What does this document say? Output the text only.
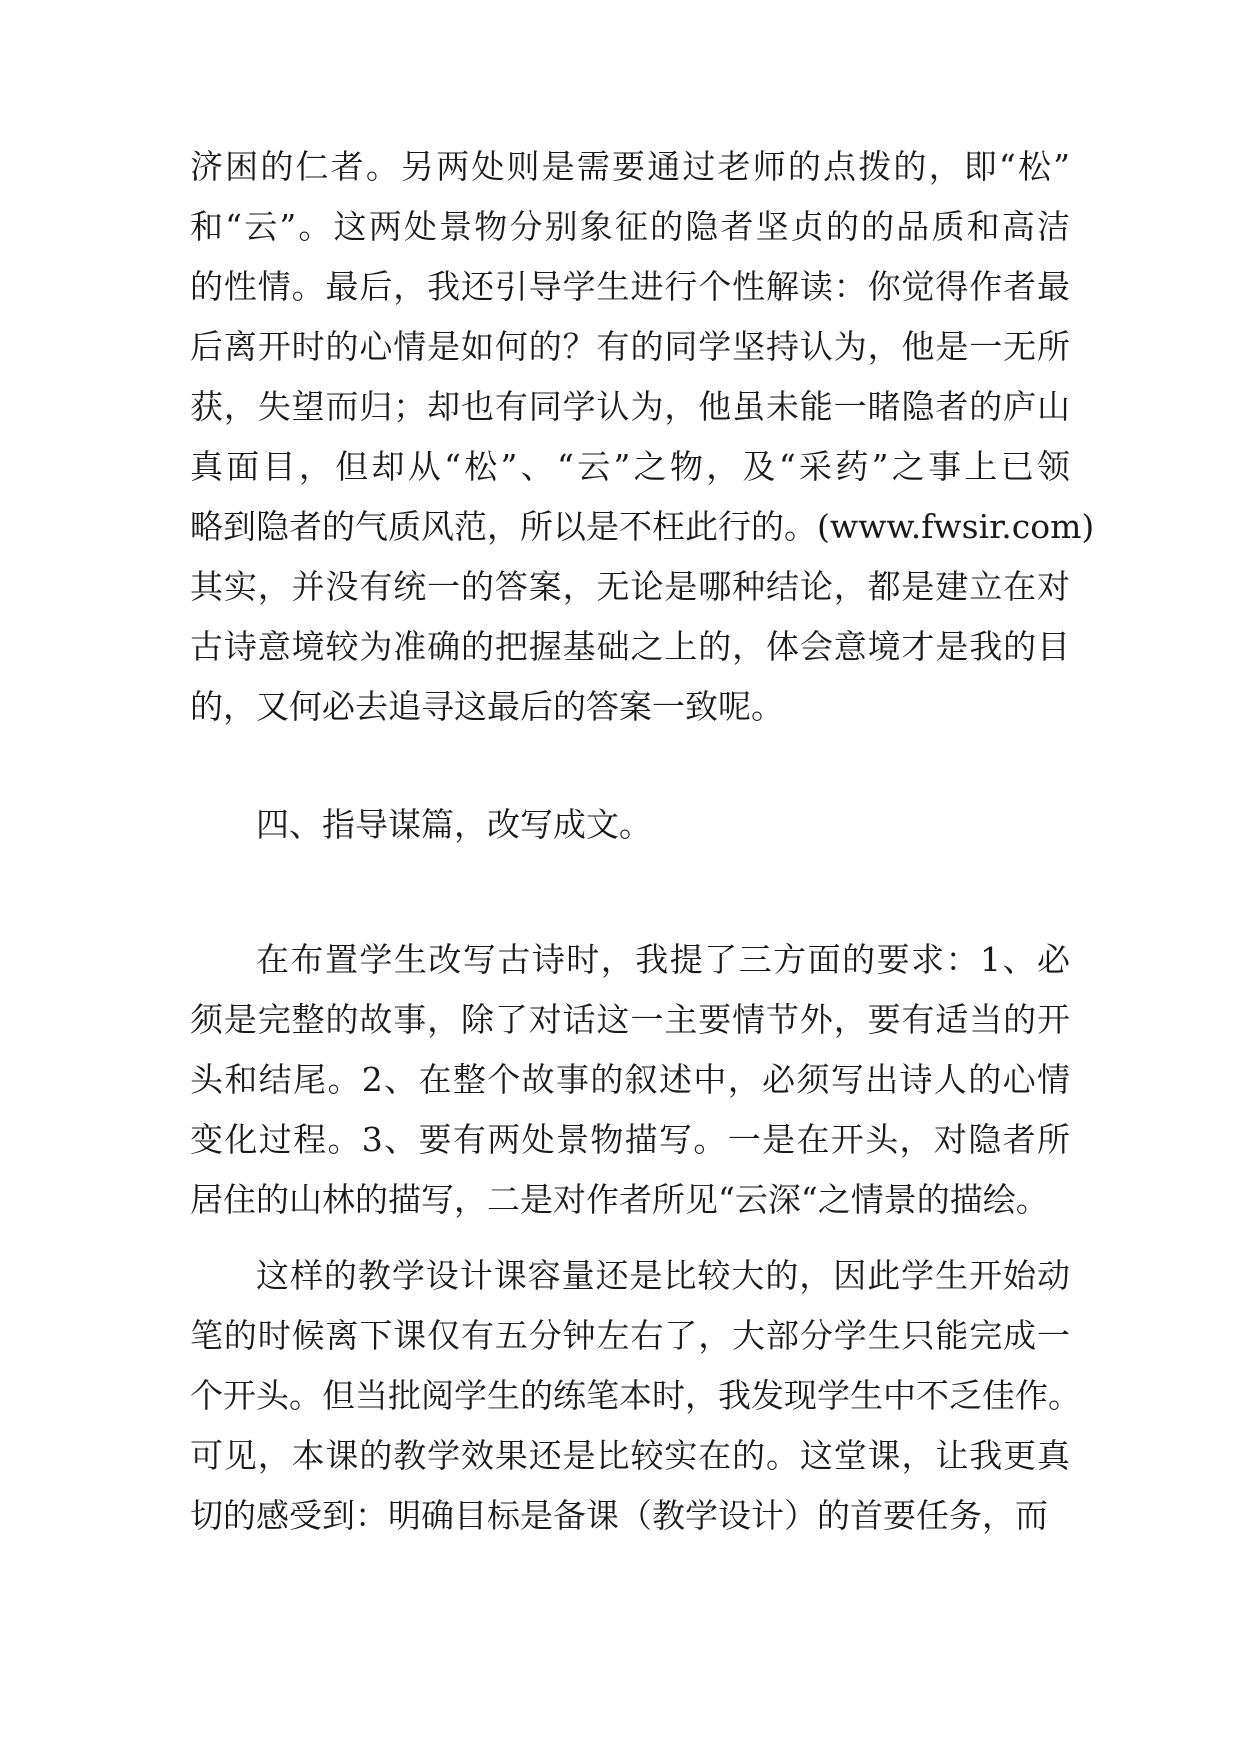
济困的仁者。另两处则是需要通过老师的点拨的，即“松”
和“云”。这两处景物分别象征的隐者坚贞的的品质和高洁
的性情。最后，我还引导学生进行个性解读：你觉得作者最
后离开时的心情是如何的？有的同学坚持认为，他是一无所
获，失望而归；却也有同学认为，他虽未能一睹隐者的庐山
真面目，但却从“松”、“云”之物，及“采药”之事上已领
略到隐者的气质风范，所以是不枉此行的。(www.fwsir.com)
其实，并没有统一的答案，无论是哪种结论，都是建立在对
古诗意境较为准确的把握基础之上的，体会意境才是我的目
的，又何必去追寻这最后的答案一致呢。
四、指导谋篇，改写成文。
在布置学生改写古诗时，我提了三方面的要求：1、必
须是完整的故事，除了对话这一主要情节外，要有适当的开
头和结尾。2、在整个故事的叙述中，必须写出诗人的心情
变化过程。3、要有两处景物描写。一是在开头，对隐者所
居住的山林的描写，二是对作者所见“云深“之情景的描绘。
这样的教学设计课容量还是比较大的，因此学生开始动
笔的时候离下课仅有五分钟左右了，大部分学生只能完成一
个开头。但当批阅学生的练笔本时，我发现学生中不乏佳作。
可见，本课的教学效果还是比较实在的。这堂课，让我更真
切的感受到：明确目标是备课（教学设计）的首要任务，而
